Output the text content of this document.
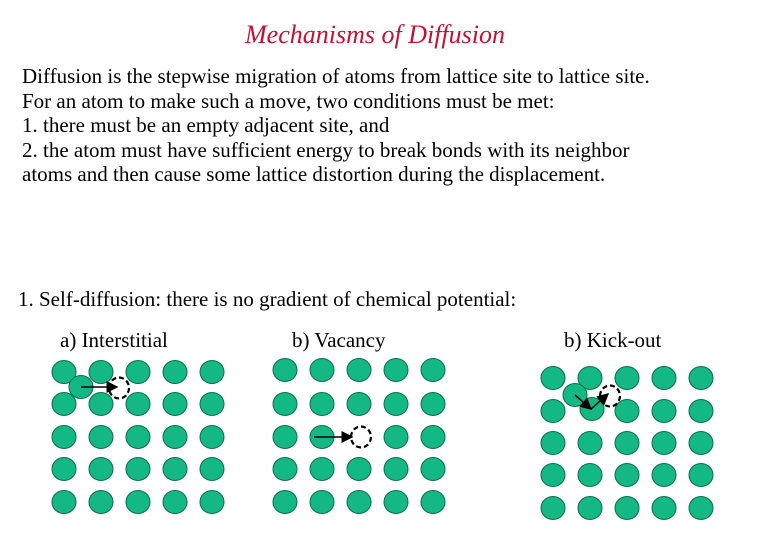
Mechanisms of Diffusion
Diffusion is the stepwise migration of atoms from lattice site to lattice site.
For an atom to make such a move, two conditions must be met:
1. there must be an empty adjacent site, and
2. the atom must have sufficient energy to break bonds with its neighbor
atoms and then cause some lattice distortion during the displacement.
1. Self-diffusion: there is no gradient of chemical potential:
a) Interstitial	b) Vacancy	b) Kick-out
